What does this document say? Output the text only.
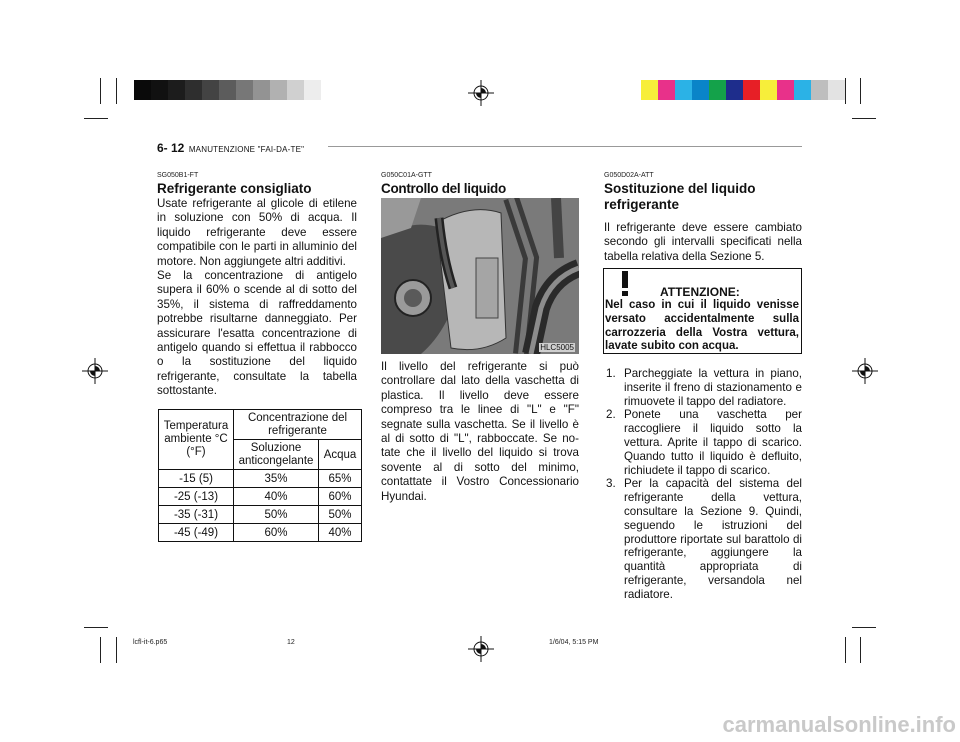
6- 12 MANUTENZIONE "FAI-DA-TE"
SG050B1-FT
Refrigerante consigliato
Usate refrigerante al glicole di etilene in soluzione con 50% di acqua. Il liquido refrigerante deve essere compatibile con le parti in alluminio del motore. Non aggiungete altri additivi.
Se la concentrazione di antigelo supera il 60% o scende al di sotto del 35%, il sistema di raffreddamento potrebbe risultarne danneggiato. Per assicurare l'esatta concentrazione di antigelo quando si effettua il rabbocco o la sostituzione del liquido refrigerante, consultate la tabella sottostante.
Temperatura ambiente °C (°F)	Concentrazione del refrigerante	
	Soluzione anticongelante	Acqua
-15 (5)	35%	65%
-25 (-13)	40%	60%
-35 (-31)	50%	50%
-45 (-49)	60%	40%
G050C01A-GTT
Controllo del liquido
HLC5005
Il livello del refrigerante si può controllare dal lato della vaschetta di plastica. Il livello deve essere compreso tra le linee di "L" e "F" segnate sulla vaschetta. Se il livello è al di sotto di "L", rabboccate. Se no-tate che il livello del liquido si trova sovente al di sotto del minimo, contattate il Vostro Concessionario Hyundai.
G050D02A-ATT
Sostituzione del liquido refrigerante
Il refrigerante deve essere cambiato secondo gli intervalli specificati nella tabella relativa della Sezione 5.
ATTENZIONE:
Nel caso in cui il liquido venisse versato accidentalmente sulla carrozzeria della Vostra vettura, lavate subito con acqua.
1. Parcheggiate la vettura in piano, inserite il freno di stazionamento e rimuovete il tappo del radiatore.
2. Ponete una vaschetta per raccogliere il liquido sotto la vettura. Aprite il tappo di scarico. Quando tutto il liquido è defluito, richiudete il tappo di scarico.
3. Per la capacità del sistema del refrigerante della vettura, consultare la Sezione 9. Quindi, seguendo le istruzioni del produttore riportate sul barattolo di refrigerante, aggiungere la quantità appropriata di refrigerante, versandola nel radiatore.
lcfl-it-6.p65	12	1/6/04, 5:15 PM
carmanualsonline.info
